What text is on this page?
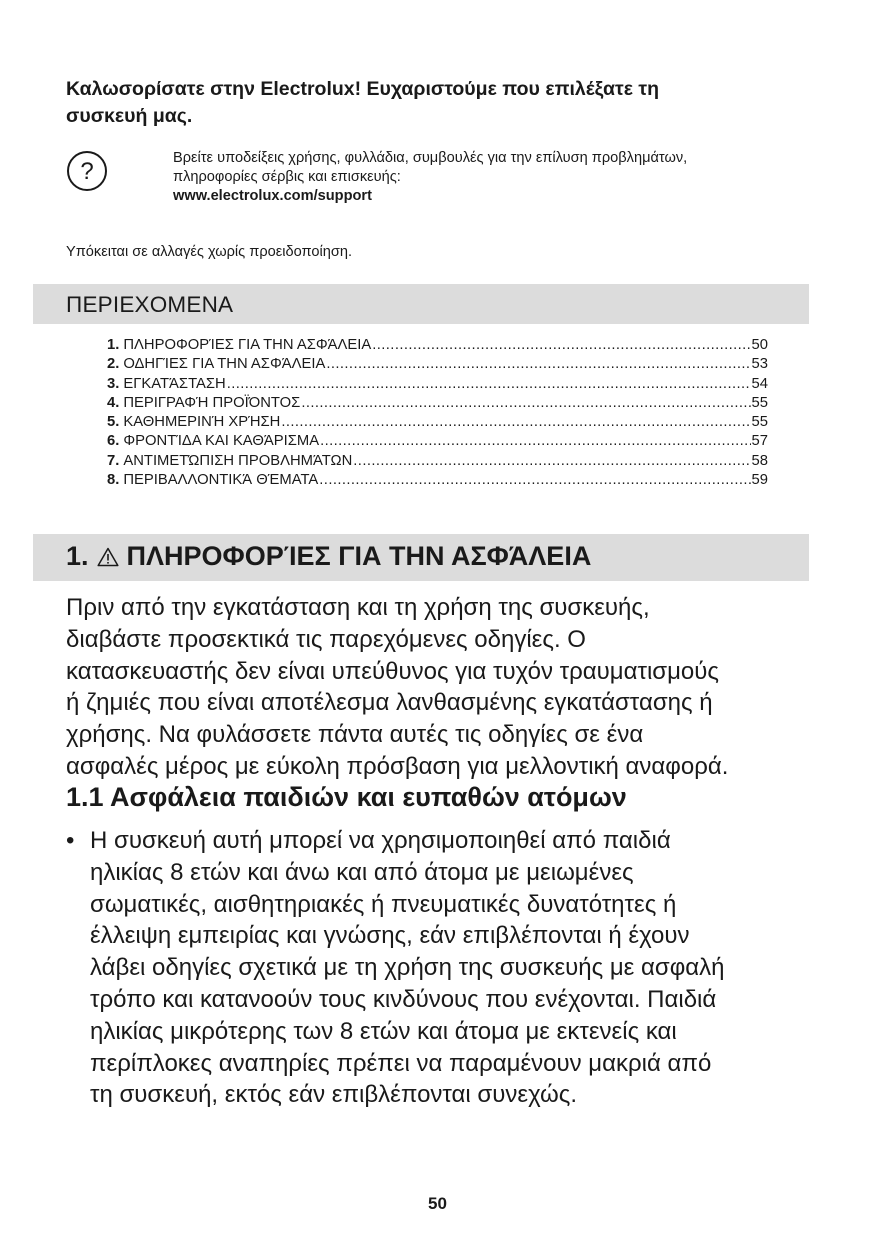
Καλωσορίσατε στην Electrolux! Ευχαριστούμε που επιλέξατε τη
συσκευή μας.
?	Βρείτε υποδείξεις χρήσης, φυλλάδια, συμβουλές για την επίλυση προβλημάτων,
πληροφορίες σέρβις και επισκευής:
www.electrolux.com/support
Υπόκειται σε αλλαγές χωρίς προειδοποίηση.
ΠΕΡΙΕΧΟΜΕΝΑ
1. ΠΛΗΡΟΦΟΡΊΕΣ ΓΙΑ ΤΗΝ ΑΣΦΆΛΕΙΑ .....	50
2. ΟΔΗΓΊΕΣ ΓΙΑ ΤΗΝ ΑΣΦΆΛΕΙΑ .....	53
3. ΕΓΚΑΤΆΣΤΑΣΗ .....	54
4. ΠΕΡΙΓΡΑΦΉ ΠΡΟΪΌΝΤΟΣ .....	55
5. ΚΑΘΗΜΕΡΙΝΉ ΧΡΉΣΗ .....	55
6. ΦΡΟΝΤΊΔΑ ΚΑΙ ΚΑΘΆΡΙΣΜΑ .....	57
7. ΑΝΤΙΜΕΤΏΠΙΣΗ ΠΡΟΒΛΗΜΆΤΩΝ .....	58
8. ΠΕΡΙΒΑΛΛΟΝΤΙΚΆ ΘΈΜΑΤΑ .....	59
1. ΠΛΗΡΟΦΟΡΊΕΣ ΓΙΑ ΤΗΝ ΑΣΦΆΛΕΙΑ
Πριν από την εγκατάσταση και τη χρήση της συσκευής,
διαβάστε προσεκτικά τις παρεχόμενες οδηγίες. Ο
κατασκευαστής δεν είναι υπεύθυνος για τυχόν τραυματισμούς
ή ζημιές που είναι αποτέλεσμα λανθασμένης εγκατάστασης ή
χρήσης. Να φυλάσσετε πάντα αυτές τις οδηγίες σε ένα
ασφαλές μέρος με εύκολη πρόσβαση για μελλοντική αναφορά.
1.1 Ασφάλεια παιδιών και ευπαθών ατόμων
• Η συσκευή αυτή μπορεί να χρησιμοποιηθεί από παιδιά
ηλικίας 8 ετών και άνω και από άτομα με μειωμένες
σωματικές, αισθητηριακές ή πνευματικές δυνατότητες ή
έλλειψη εμπειρίας και γνώσης, εάν επιβλέπονται ή έχουν
λάβει οδηγίες σχετικά με τη χρήση της συσκευής με ασφαλή
τρόπο και κατανοούν τους κινδύνους που ενέχονται. Παιδιά
ηλικίας μικρότερης των 8 ετών και άτομα με εκτενείς και
περίπλοκες αναπηρίες πρέπει να παραμένουν μακριά από
τη συσκευή, εκτός εάν επιβλέπονται συνεχώς.
50
